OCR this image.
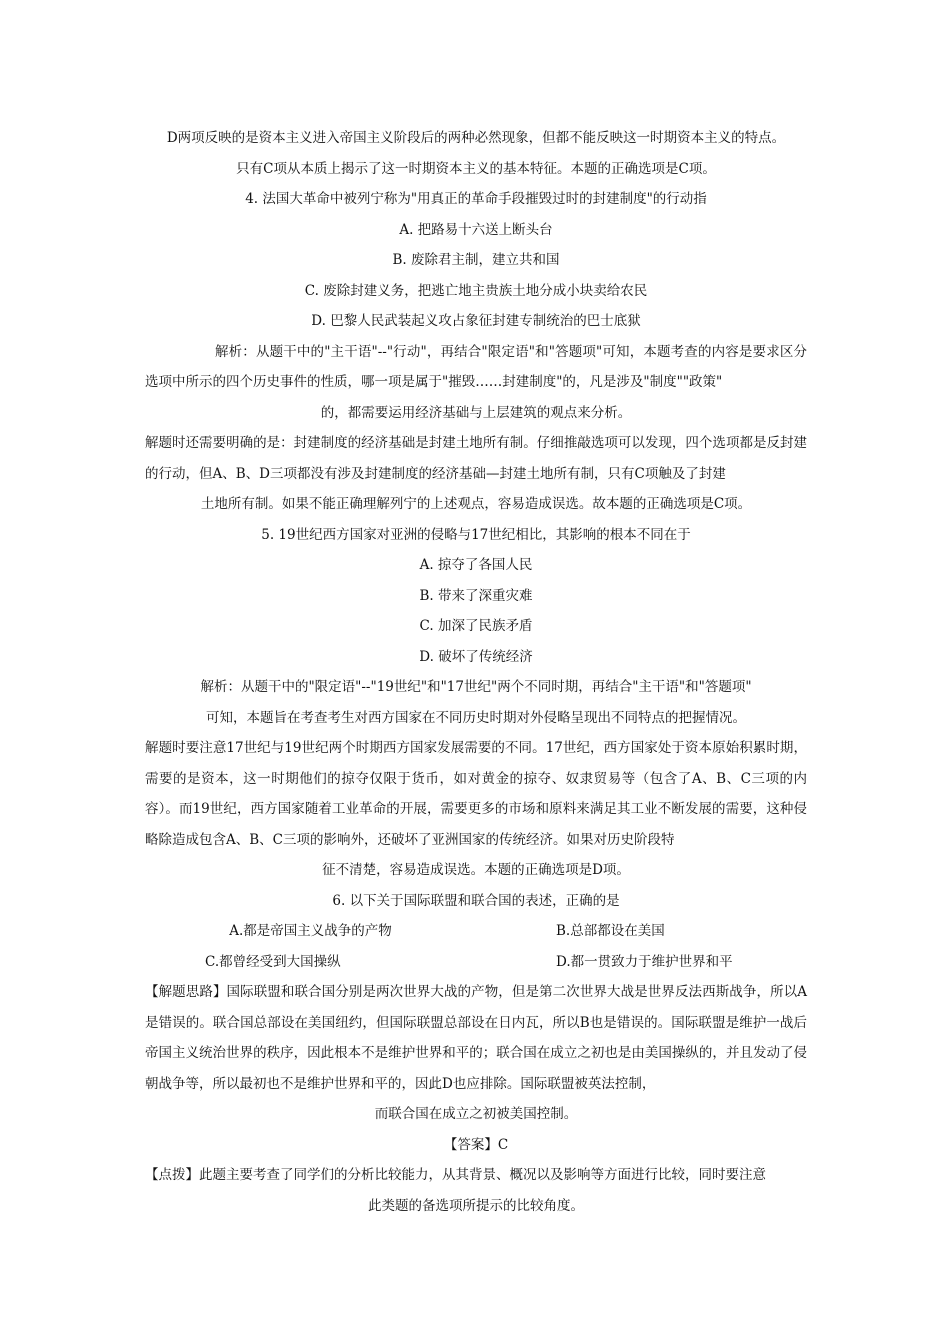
D两项反映的是资本主义进入帝国主义阶段后的两种必然现象，但都不能反映这一时期资本主义的特点。
只有C项从本质上揭示了这一时期资本主义的基本特征。本题的正确选项是C项。
4. 法国大革命中被列宁称为"用真正的革命手段摧毁过时的封建制度"的行动指
A. 把路易十六送上断头台
B. 废除君主制，建立共和国
C. 废除封建义务，把逃亡地主贵族土地分成小块卖给农民
D. 巴黎人民武装起义攻占象征封建专制统治的巴士底狱
解析：从题干中的"主干语"--"行动"，再结合"限定语"和"答题项"可知，本题考查的内容是要求区分选项中所示的四个历史事件的性质，哪一项是属于"摧毁……封建制度"的，凡是涉及"制度""政策"
的，都需要运用经济基础与上层建筑的观点来分析。
解题时还需要明确的是：封建制度的经济基础是封建土地所有制。仔细推敲选项可以发现，四个选项都是反封建的行动，但A、B、D三项都没有涉及封建制度的经济基础—封建土地所有制，只有C项触及了封建
土地所有制。如果不能正确理解列宁的上述观点，容易造成误选。故本题的正确选项是C项。
5. 19世纪西方国家对亚洲的侵略与17世纪相比，其影响的根本不同在于
A. 掠夺了各国人民
B. 带来了深重灾难
C. 加深了民族矛盾
D. 破坏了传统经济
解析：从题干中的"限定语"--"19世纪"和"17世纪"两个不同时期，再结合"主干语"和"答题项"
可知，本题旨在考查考生对西方国家在不同历史时期对外侵略呈现出不同特点的把握情况。
解题时要注意17世纪与19世纪两个时期西方国家发展需要的不同。17世纪，西方国家处于资本原始积累时期，需要的是资本，这一时期他们的掠夺仅限于货币，如对黄金的掠夺、奴隶贸易等（包含了A、B、C三项的内容）。而19世纪，西方国家随着工业革命的开展，需要更多的市场和原料来满足其工业不断发展的需要，这种侵略除造成包含A、B、C三项的影响外，还破坏了亚洲国家的传统经济。如果对历史阶段特
征不清楚，容易造成误选。本题的正确选项是D项。
6. 以下关于国际联盟和联合国的表述，正确的是
A.都是帝国主义战争的产物	B.总部都设在美国
C.都曾经受到大国操纵	D.都一贯致力于维护世界和平
【解题思路】国际联盟和联合国分别是两次世界大战的产物，但是第二次世界大战是世界反法西斯战争，所以A是错误的。联合国总部设在美国纽约，但国际联盟总部设在日内瓦，所以B也是错误的。国际联盟是维护一战后帝国主义统治世界的秩序，因此根本不是维护世界和平的；联合国在成立之初也是由美国操纵的，并且发动了侵朝战争等，所以最初也不是维护世界和平的，因此D也应排除。国际联盟被英法控制，
而联合国在成立之初被美国控制。
【答案】C
【点拨】此题主要考查了同学们的分析比较能力，从其背景、概况以及影响等方面进行比较，同时要注意
此类题的备选项所提示的比较角度。
